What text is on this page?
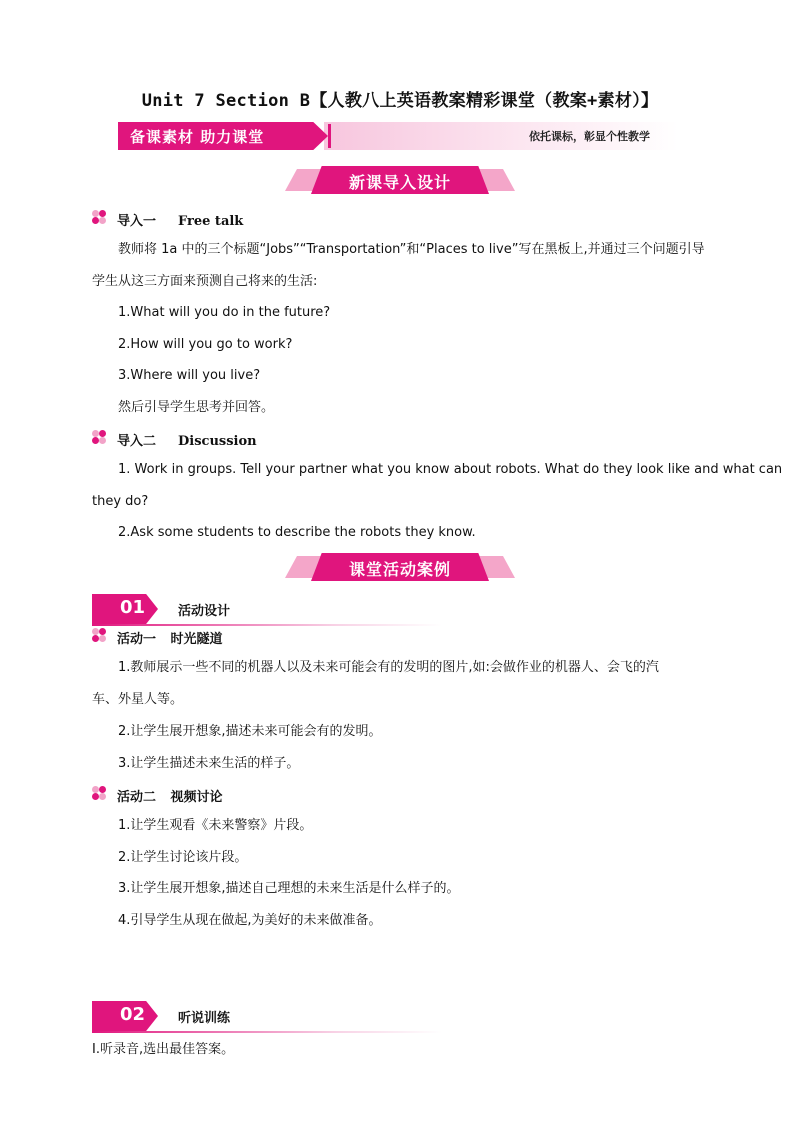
Unit 7 Section B【人教八上英语教案精彩课堂（教案+素材）】
依托课标，彰显个性教学
备课素材 助力课堂
新课导入设计
导入一 Free talk
教师将 1a 中的三个标题“Jobs”“Transportation”和“Places to live”写在黑板上,并通过三个问题引导
学生从这三方面来预测自己将来的生活:
1.What will you do in the future?
2.How will you go to work?
3.Where will you live?
然后引导学生思考并回答。
导入二 Discussion
1. Work in groups. Tell your partner what you know about robots. What do they look like and what can
they do?
2.Ask some students to describe the robots they know.
课堂活动案例
01	活动设计
活动一 时光隧道
1.教师展示一些不同的机器人以及未来可能会有的发明的图片,如:会做作业的机器人、会飞的汽
车、外星人等。
2.让学生展开想象,描述未来可能会有的发明。
3.让学生描述未来生活的样子。
活动二 视频讨论
1.让学生观看《未来警察》片段。
2.让学生讨论该片段。
3.让学生展开想象,描述自己理想的未来生活是什么样子的。
4.引导学生从现在做起,为美好的未来做准备。
02	听说训练
Ⅰ.听录音,选出最佳答案。
